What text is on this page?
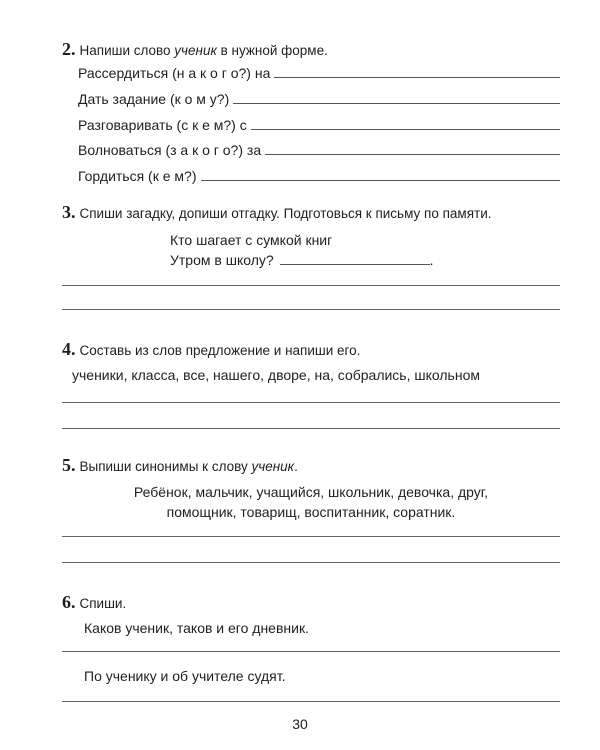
2. Напиши слово ученик в нужной форме.
Рассердиться (н а к о г о?) на
Дать задание (к о м у?)
Разговаривать (с к е м?) с
Волноваться (з а к о г о?) за
Гордиться (к е м?)
3. Спиши загадку, допиши отгадку. Подготовься к письму по памяти.
Кто шагает с сумкой книг
Утром в школу?	.
4. Составь из слов предложение и напиши его.
ученики, класса, все, нашего, дворе, на, собрались, школьном
5. Выпиши синонимы к слову ученик.
Ребёнок, мальчик, учащийся, школьник, девочка, друг,
помощник, товарищ, воспитанник, соратник.
6. Спиши.
Каков ученик, таков и его дневник.
По ученику и об учителе судят.
30
